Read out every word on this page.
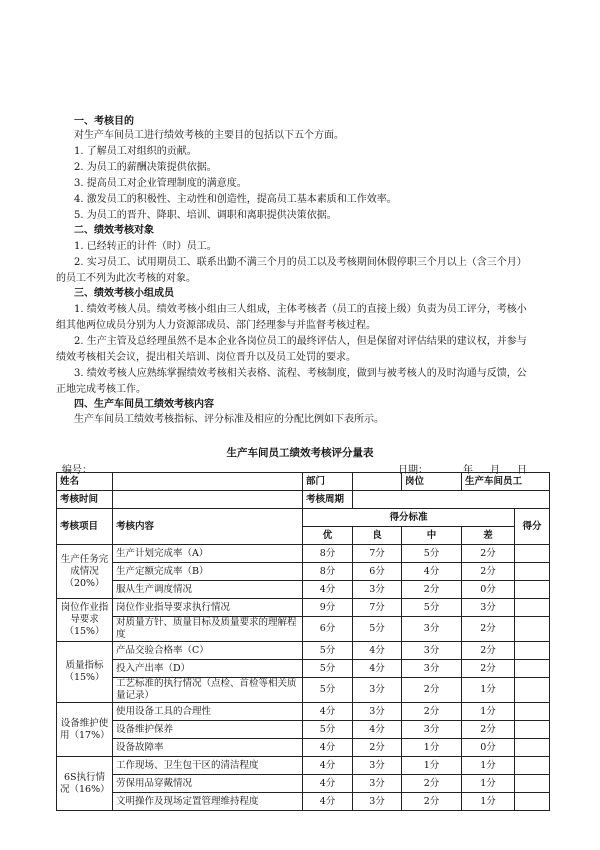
一、考核目的
对生产车间员工进行绩效考核的主要目的包括以下五个方面。
1. 了解员工对组织的贡献。
2. 为员工的薪酬决策提供依据。
3. 提高员工对企业管理制度的满意度。
4. 激发员工的积极性、主动性和创造性，提高员工基本素质和工作效率。
5. 为员工的晋升、降职、培训、调职和离职提供决策依据。
二、绩效考核对象
1. 已经转正的计件（时）员工。
2. 实习员工、试用期员工、联系出勤不满三个月的员工以及考核期间休假停职三个月以上（含三个月）
的员工不列为此次考核的对象。
三、绩效考核小组成员
1. 绩效考核人员。绩效考核小组由三人组成，主体考核者（员工的直接上级）负责为员工评分，考核小
组其他两位成员分别为人力资源部成员、部门经理参与并监督考核过程。
2. 生产主管及总经理虽然不是本企业各岗位员工的最终评估人，但是保留对评估结果的建议权，并参与
绩效考核相关会议，提出相关培训、岗位晋升以及员工处罚的要求。
3. 绩效考核人应熟练掌握绩效考核相关表格、流程、考核制度，做到与被考核人的及时沟通与反馈，公
正地完成考核工作。
四、生产车间员工绩效考核内容
生产车间员工绩效考核指标、评分标准及相应的分配比例如下表所示。
生产车间员工绩效考核评分量表
编号：	日期：	年 月 日
姓名		部门		岗位	生产车间员工	
考核时间		考核周期				
考核项目	考核内容	得分标准				得分
		优	良	中	差	
生产任务完成情况（20%）	生产计划完成率（A）	8分	7分	5分	2分	
	生产定额完成率（B）	8分	6分	4分	2分	
	服从生产调度情况	4分	3分	2分	0分	
岗位作业指导要求（15%）	岗位作业指导要求执行情况	9分	7分	5分	3分	
	对质量方针、质量目标及质量要求的理解程度	6分	5分	3分	2分	
质量指标（15%）	产品交验合格率（C）	5分	4分	3分	2分	
	投入产出率（D）	5分	4分	3分	2分	
	工艺标准的执行情况（点检、首检等相关质量记录）	5分	3分	2分	1分	
设备维护使用（17%）	使用设备工具的合理性	4分	3分	2分	1分	
	设备维护保养	5分	4分	3分	2分	
	设备故障率	4分	2分	1分	0分	
6S执行情况（16%）	工作现场、卫生包干区的清洁程度	4分	3分	1分	1分	
	劳保用品穿戴情况	4分	3分	2分	1分	
	文明操作及现场定置管理维持程度	4分	3分	2分	1分	
